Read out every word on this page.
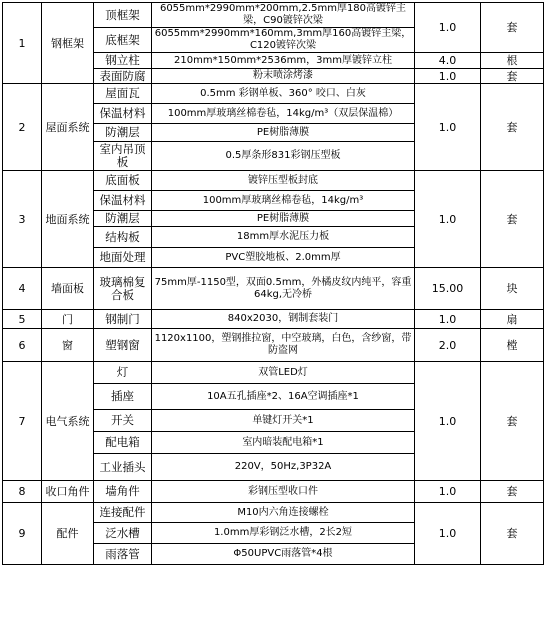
1	钢框架	顶框架	6055mm*2990mm*200mm,2.5mm厚180高镀锌主梁，C90镀锌次梁	1.0	套
		底框架	6055mm*2990mm*160mm,3mm厚160高镀锌主梁，C120镀锌次梁		
		钢立柱	210mm*150mm*2536mm，3mm厚镀锌立柱	4.0	根
		表面防腐	粉末喷涂烤漆	1.0	套
2	屋面系统	屋面瓦	0.5mm 彩钢单板、360° 咬口、白灰	1.0	套
		保温材料	100mm厚玻璃丝棉卷毡，14kg/m³（双层保温棉）		
		防潮层	PE树脂薄膜		
		室内吊顶板	0.5厚条形831彩钢压型板		
3	地面系统	底面板	镀锌压型板封底	1.0	套
		保温材料	100mm厚玻璃丝棉卷毡，14kg/m³		
		防潮层	PE树脂薄膜		
		结构板	18mm厚水泥压力板		
		地面处理	PVC塑胶地板、2.0mm厚		
4	墙面板	玻璃棉复合板	75mm厚-1150型，双面0.5mm，外橘皮纹内纯平，容重64kg,无冷桥	15.00	块
5	门	钢制门	840x2030，钢制套装门	1.0	扇
6	窗	塑钢窗	1120x1100，塑钢推拉窗，中空玻璃，白色，含纱窗，带防盗网	2.0	樘
7	电气系统	灯	双管LED灯	1.0	套
		插座	10A五孔插座*2、16A空调插座*1		
		开关	单键灯开关*1		
		配电箱	室内暗装配电箱*1		
		工业插头	220V，50Hz,3P32A		
8	收口角件	墙角件	彩钢压型收口件	1.0	套
9	配件	连接配件	M10内六角连接螺栓	1.0	套
		泛水槽	1.0mm厚彩钢泛水槽，2长2短		
		雨落管	Φ50UPVC雨落管*4根		
